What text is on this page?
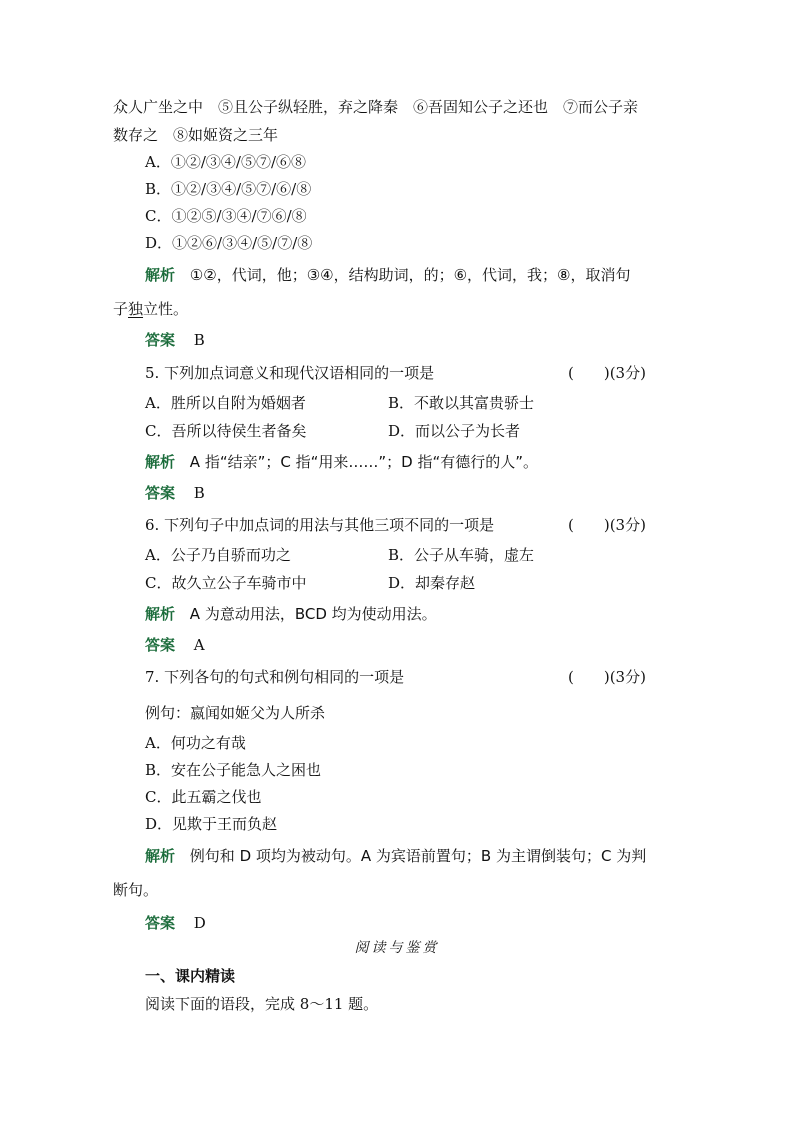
众人广坐之中　⑤且公子纵轻胜，弃之降秦　⑥吾固知公子之还也　⑦而公子亲
数存之　⑧如姬资之三年
A．①②/③④/⑤⑦/⑥⑧
B．①②/③④/⑤⑦/⑥/⑧
C．①②⑤/③④/⑦⑥/⑧
D．①②⑥/③④/⑤/⑦/⑧
解析 ①②，代词，他；③④，结构助词，的；⑥，代词，我；⑧，取消句
子独立性。
答案 B
5. 下列加点词意义和现代汉语相同的一项是	(　　)(3分)
A．胜所以自附为婚姻者	B．不敢以其富贵骄士
C．吾所以待侯生者备矣	D．而以公子为长者
解析 A 指“结亲”；C 指“用来……”；D 指“有德行的人”。
答案 B
6. 下列句子中加点词的用法与其他三项不同的一项是	(　　)(3分)
A．公子乃自骄而功之	B．公子从车骑，虚左
C．故久立公子车骑市中	D．却秦存赵
解析 A 为意动用法，BCD 均为使动用法。
答案 A
7. 下列各句的句式和例句相同的一项是	(　　)(3分)
例句：嬴闻如姬父为人所杀
A．何功之有哉
B．安在公子能急人之困也
C．此五霸之伐也
D．见欺于王而负赵
解析 例句和 D 项均为被动句。A 为宾语前置句；B 为主谓倒装句；C 为判
断句。
答案 D
阅读与鉴赏
一、课内精读
阅读下面的语段，完成 8～11 题。
